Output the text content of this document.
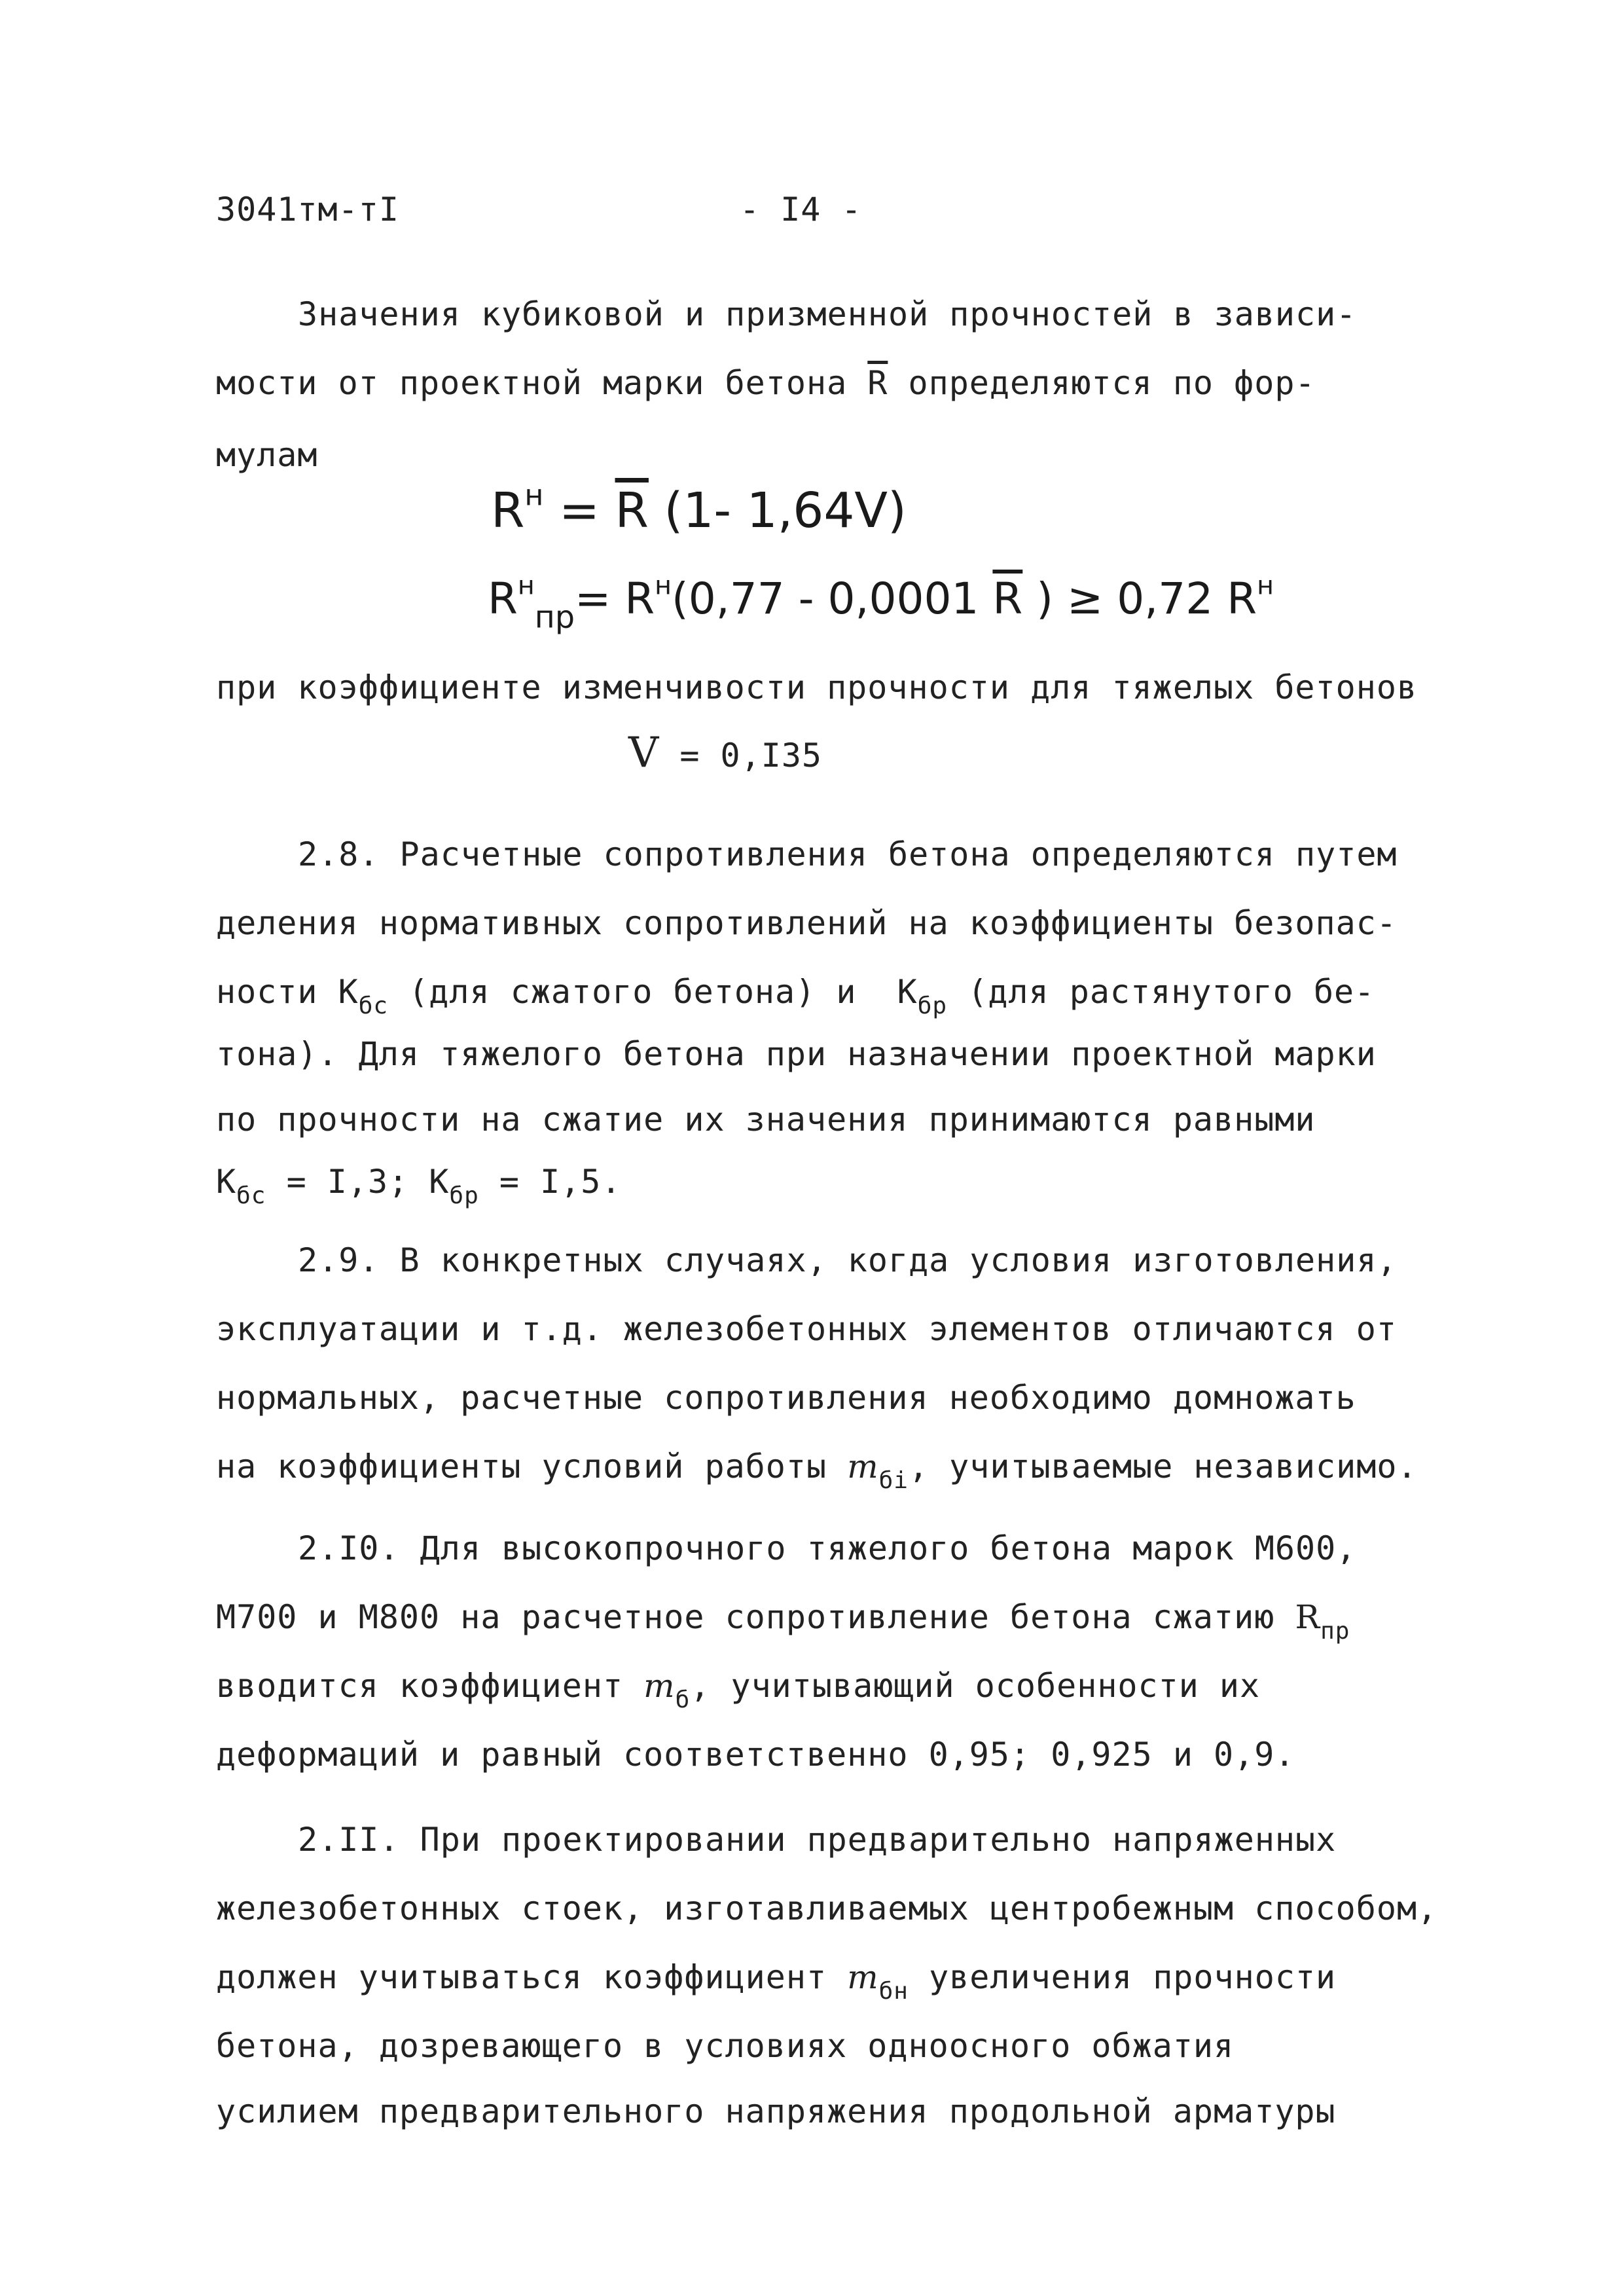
3041тм-тI	- I4 -
Значения кубиковой и призменной прочностей в зависи-
мости от проектной марки бетона $\overline{R}$ определяются по фор-
мулам
$R^н = \overline{R}$ (1- 1,64V)
$R^н_{пр}= R^н(0,77 - 0,0001$ $\overline{R}$ ) ≥ 0,72 $R^н$
при коэффициенте изменчивости прочности для тяжелых бетонов
V = 0,I35
2.8. Расчетные сопротивления бетона определяются путем
деления нормативных сопротивлений на коэффициенты безопас-
ности $К_{бс}$ (для сжатого бетона) и  $К_{бр}$ (для растянутого бе-
тона). Для тяжелого бетона при назначении проектной марки
по прочности на сжатие их значения принимаются равными
$К_{бс} = I,3$; $К_{бр} = I,5$.
2.9. В конкретных случаях, когда условия изготовления,
эксплуатации и т.д. железобетонных элементов отличаются от
нормальных, расчетные сопротивления необходимо домножать
на коэффициенты условий работы $m_{бi}$, учитываемые независимо.
2.I0. Для высокопрочного тяжелого бетона марок М600,
М700 и М800 на расчетное сопротивление бетона сжатию $R_{пр}$
вводится коэффициент $m_б$, учитывающий особенности их
деформаций и равный соответственно 0,95; 0,925 и 0,9.
2.II. При проектировании предварительно напряженных
железобетонных стоек, изготавливаемых центробежным способом,
должен учитываться коэффициент $m_{бн}$ увеличения прочности
бетона, дозревающего в условиях одноосного обжатия
усилием предварительного напряжения продольной арматуры
